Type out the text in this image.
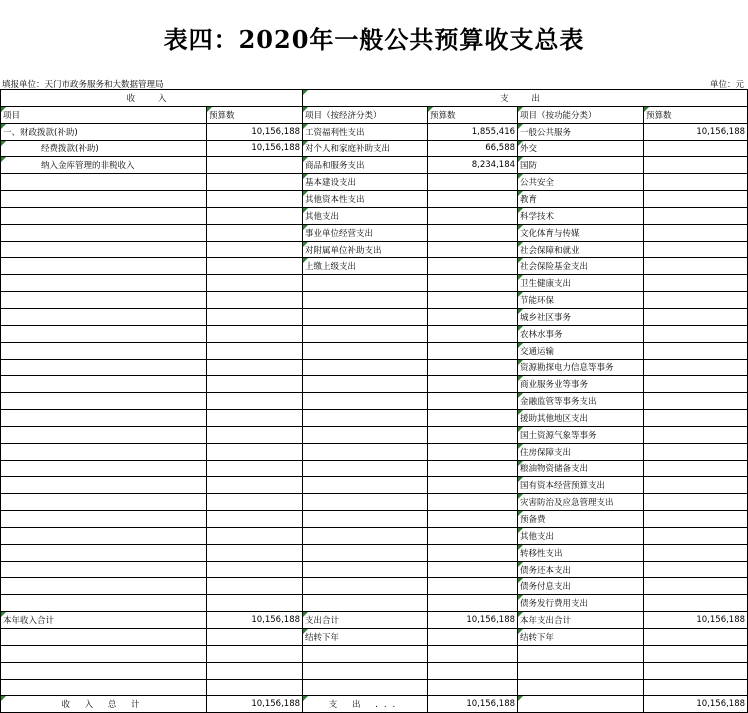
表四：2020年一般公共预算收支总表
填报单位：天门市政务服务和大数据管理局	单位：元
收 入		支 出			
项目	预算数	项目（按经济分类）	预算数	项目（按功能分类）	预算数
一、财政拨款(补助)	10,156,188	工资福利性支出	1,855,416	一般公共服务	10,156,188
经费拨款(补助)	10,156,188	对个人和家庭补助支出	66,588	外交	
纳入金库管理的非税收入		商品和服务支出	8,234,184	国防	
		基本建设支出		公共安全	
		其他资本性支出		教育	
		其他支出		科学技术	
		事业单位经营支出		文化体育与传媒	
		对附属单位补助支出		社会保障和就业	
		上缴上级支出		社会保险基金支出	
				卫生健康支出	
				节能环保	
				城乡社区事务	
				农林水事务	
				交通运输	
				资源勘探电力信息等事务	
				商业服务业等事务	
				金融监管等事务支出	
				援助其他地区支出	
				国土资源气象等事务	
				住房保障支出	
				粮油物资储备支出	
				国有资本经营预算支出	
				灾害防治及应急管理支出	
				预备费	
				其他支出	
				转移性支出	
				债务还本支出	
				债务付息支出	
				债务发行费用支出	
本年收入合计	10,156,188	支出合计	10,156,188	本年支出合计	10,156,188
		结转下年		结转下年	

收 入 总 计	10,156,188	支 出 ...	10,156,188		10,156,188
